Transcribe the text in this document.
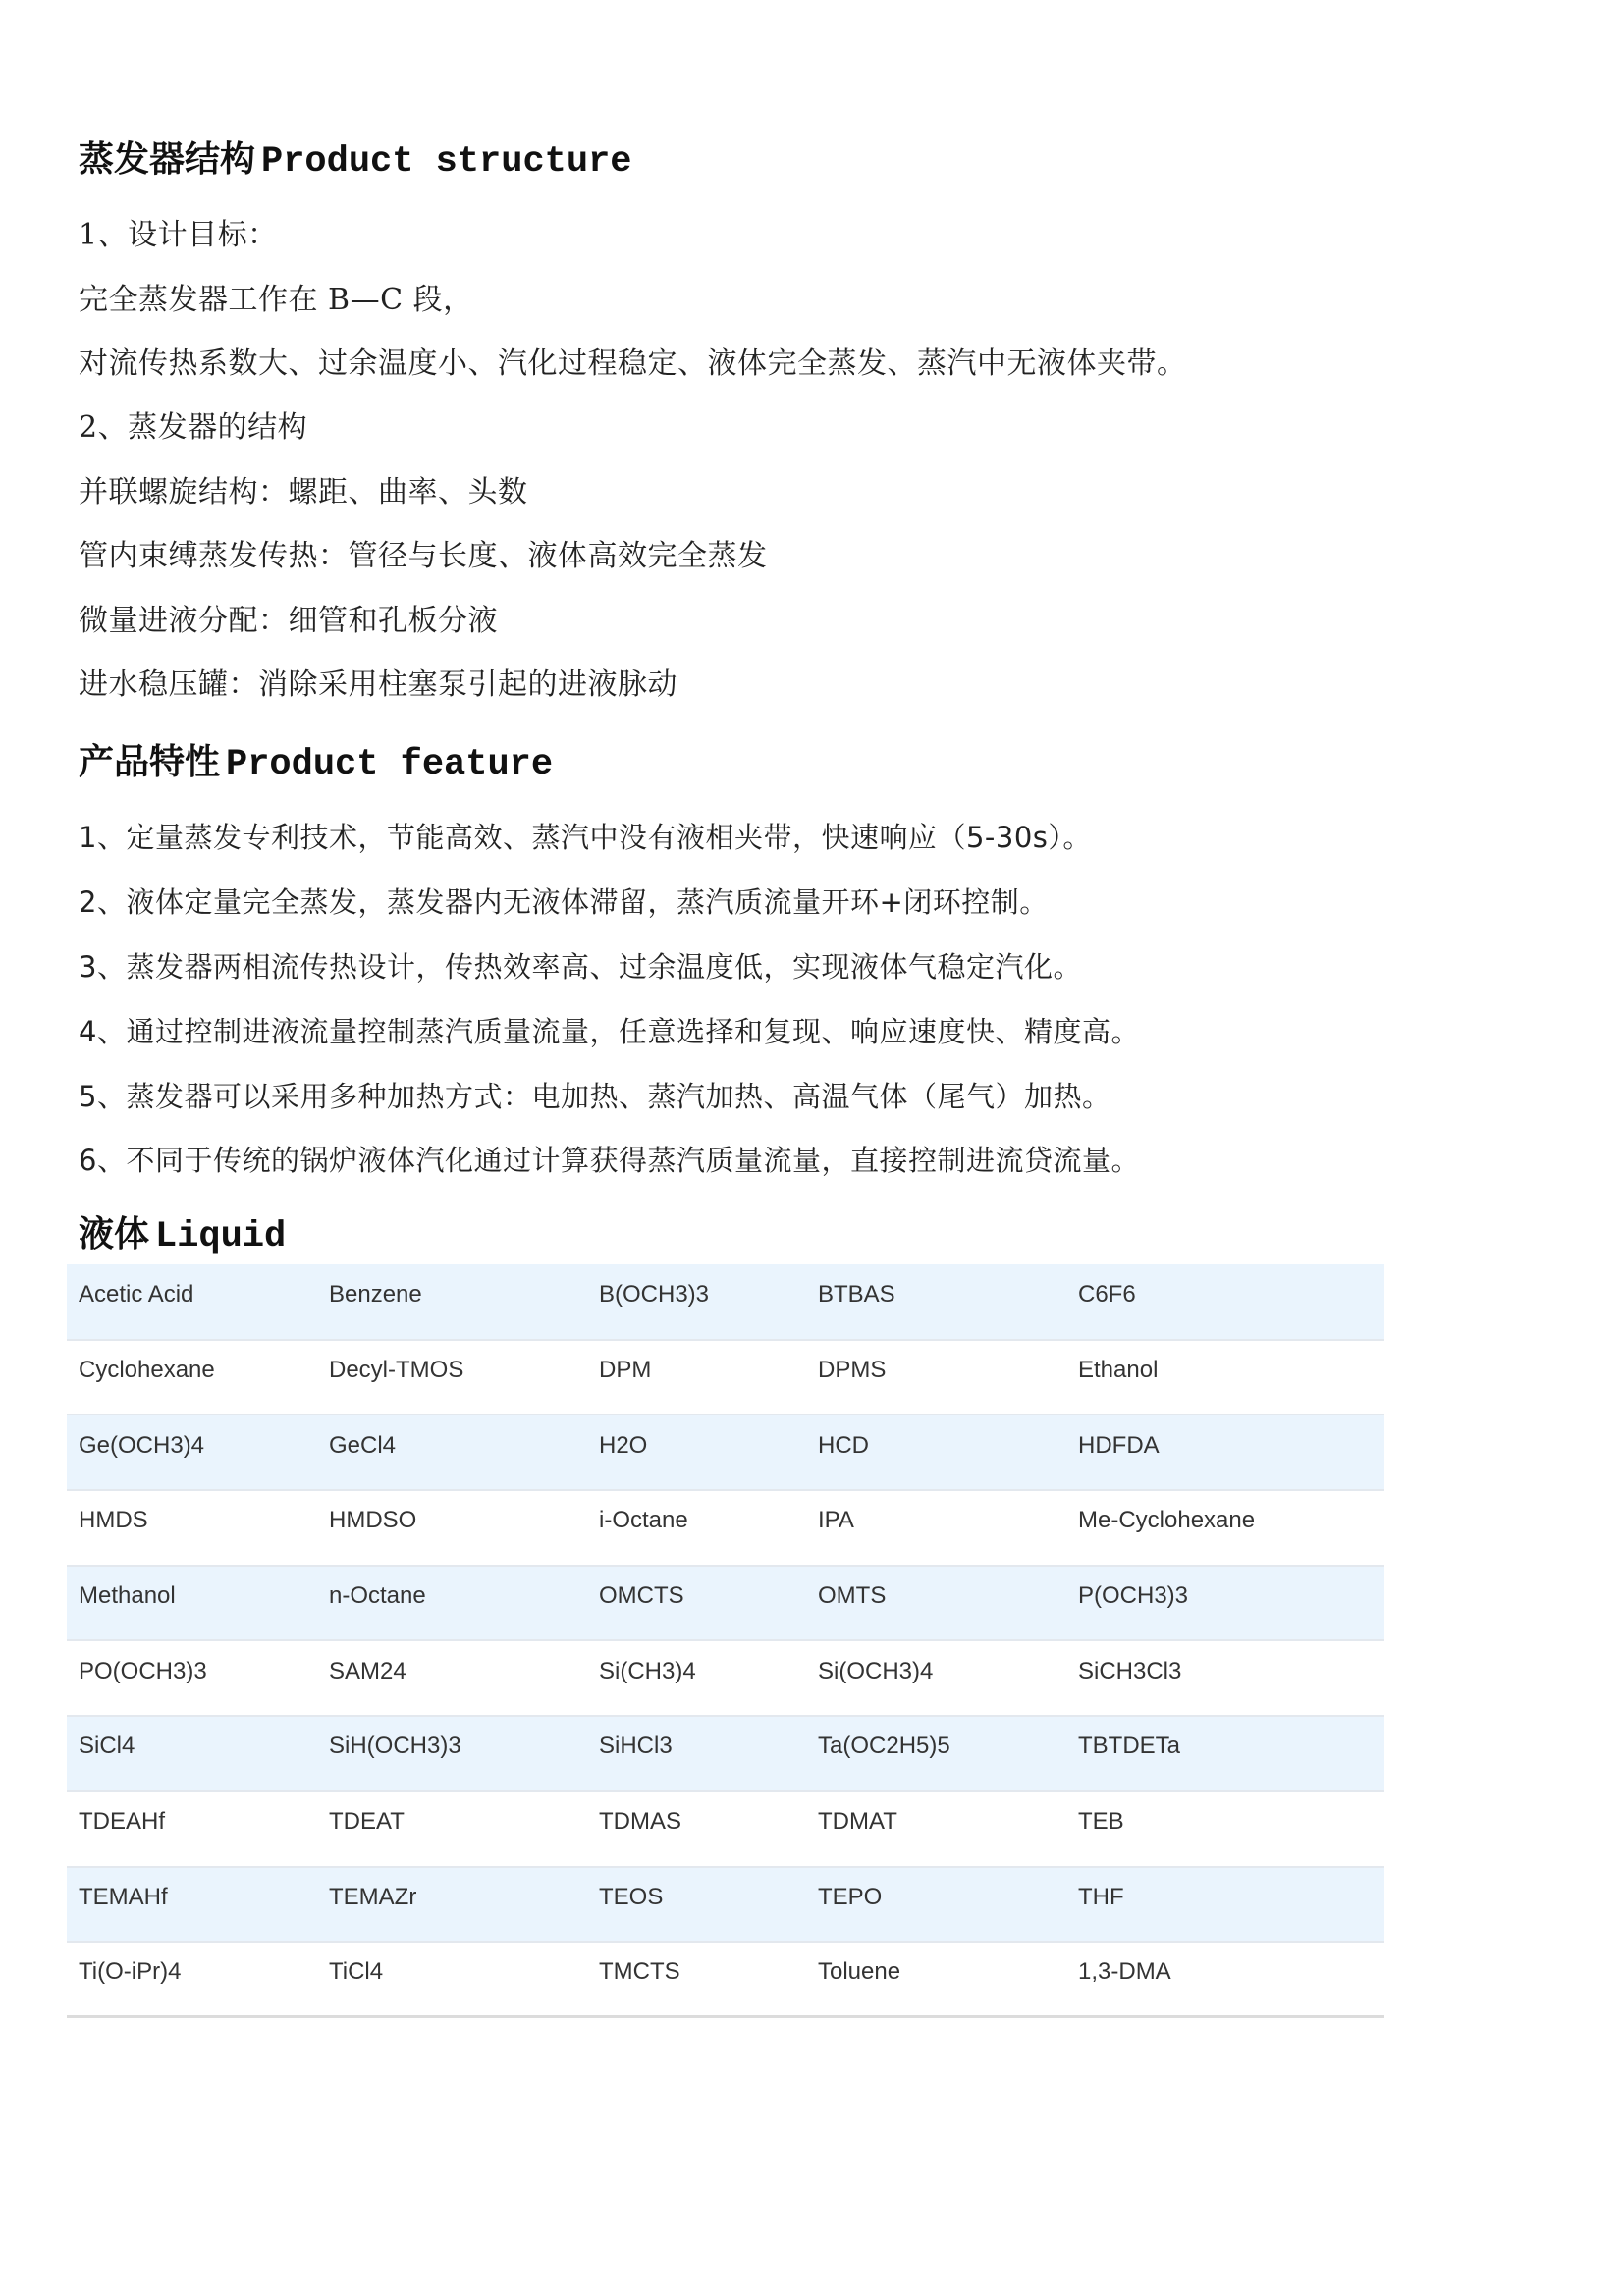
蒸发器结构 Product structure
1、设计目标：
完全蒸发器工作在 B—C 段，
对流传热系数大、过余温度小、汽化过程稳定、液体完全蒸发、蒸汽中无液体夹带。
2、蒸发器的结构
并联螺旋结构：螺距、曲率、头数
管内束缚蒸发传热：管径与长度、液体高效完全蒸发
微量进液分配：细管和孔板分液
进水稳压罐：消除采用柱塞泵引起的进液脉动
产品特性 Product feature
1、定量蒸发专利技术，节能高效、蒸汽中没有液相夹带，快速响应（5-30s）。
2、液体定量完全蒸发，蒸发器内无液体滞留，蒸汽质流量开环+闭环控制。
3、蒸发器两相流传热设计，传热效率高、过余温度低，实现液体气稳定汽化。
4、通过控制进液流量控制蒸汽质量流量，任意选择和复现、响应速度快、精度高。
5、蒸发器可以采用多种加热方式：电加热、蒸汽加热、高温气体（尾气）加热。
6、不同于传统的锅炉液体汽化通过计算获得蒸汽质量流量，直接控制进流贷流量。
液体 Liquid
Acetic Acid	Benzene	B(OCH3)3	BTBAS	C6F6
Cyclohexane	Decyl-TMOS	DPM	DPMS	Ethanol
Ge(OCH3)4	GeCl4	H2O	HCD	HDFDA
HMDS	HMDSO	i-Octane	IPA	Me-Cyclohexane
Methanol	n-Octane	OMCTS	OMTS	P(OCH3)3
PO(OCH3)3	SAM24	Si(CH3)4	Si(OCH3)4	SiCH3Cl3
SiCl4	SiH(OCH3)3	SiHCl3	Ta(OC2H5)5	TBTDETa
TDEAHf	TDEAT	TDMAS	TDMAT	TEB
TEMAHf	TEMAZr	TEOS	TEPO	THF
Ti(O-iPr)4	TiCl4	TMCTS	Toluene	1,3-DMA
